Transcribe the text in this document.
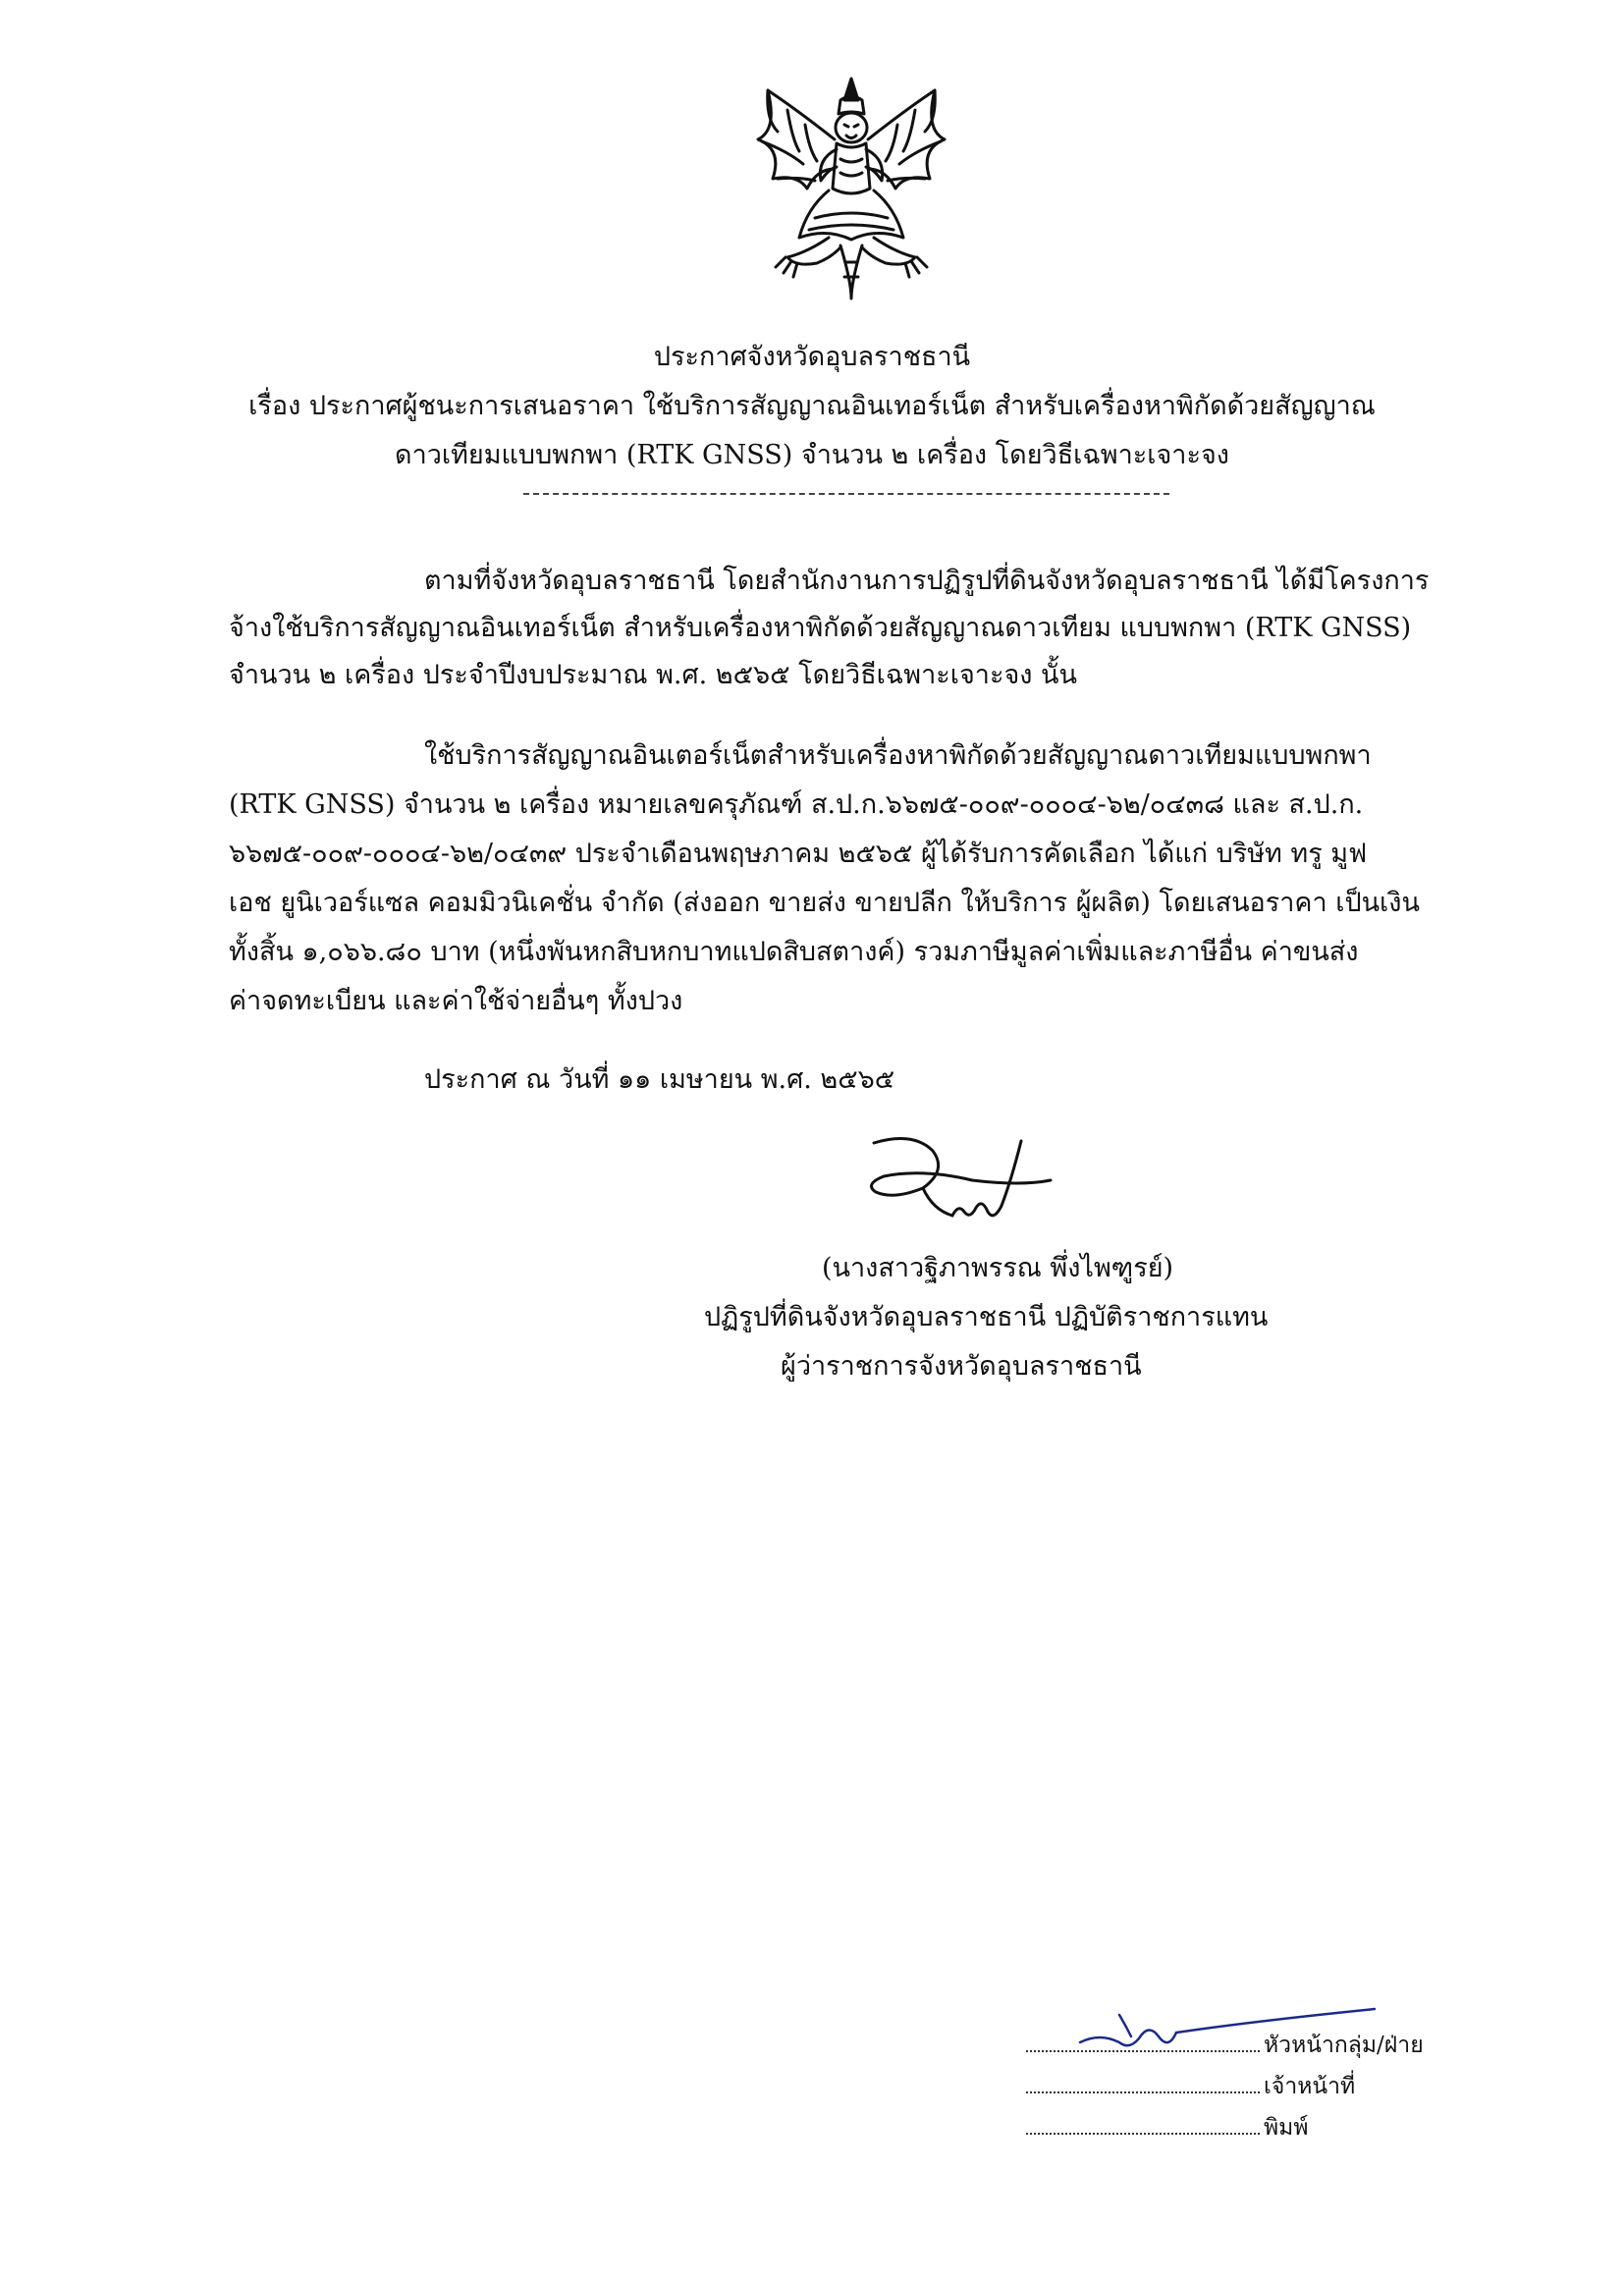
ประกาศจังหวัดอุบลราชธานี
เรื่อง ประกาศผู้ชนะการเสนอราคา ใช้บริการสัญญาณอินเทอร์เน็ต สำหรับเครื่องหาพิกัดด้วยสัญญาณ
ดาวเทียมแบบพกพา (RTK GNSS) จำนวน ๒ เครื่อง โดยวิธีเฉพาะเจาะจง
ตามที่จังหวัดอุบลราชธานี โดยสำนักงานการปฏิรูปที่ดินจังหวัดอุบลราชธานี ได้มีโครงการ
จ้างใช้บริการสัญญาณอินเทอร์เน็ต สำหรับเครื่องหาพิกัดด้วยสัญญาณดาวเทียม แบบพกพา (RTK GNSS)
จำนวน ๒ เครื่อง ประจำปีงบประมาณ พ.ศ. ๒๕๖๕ โดยวิธีเฉพาะเจาะจง นั้น
ใช้บริการสัญญาณอินเตอร์เน็ตสำหรับเครื่องหาพิกัดด้วยสัญญาณดาวเทียมแบบพกพา
(RTK GNSS) จำนวน ๒ เครื่อง หมายเลขครุภัณฑ์ ส.ป.ก.๖๖๗๕-๐๐๙-๐๐๐๔-๖๒/๐๔๓๘ และ ส.ป.ก.
๖๖๗๕-๐๐๙-๐๐๐๔-๖๒/๐๔๓๙ ประจำเดือนพฤษภาคม ๒๕๖๕ ผู้ได้รับการคัดเลือก ได้แก่ บริษัท ทรู มูฟ
เอช ยูนิเวอร์แซล คอมมิวนิเคชั่น จำกัด (ส่งออก ขายส่ง ขายปลีก ให้บริการ ผู้ผลิต) โดยเสนอราคา เป็นเงิน
ทั้งสิ้น ๑,๐๖๖.๘๐ บาท (หนึ่งพันหกสิบหกบาทแปดสิบสตางค์) รวมภาษีมูลค่าเพิ่มและภาษีอื่น ค่าขนส่ง
ค่าจดทะเบียน และค่าใช้จ่ายอื่นๆ ทั้งปวง
ประกาศ ณ วันที่ ๑๑ เมษายน พ.ศ. ๒๕๖๕
(นางสาวฐิภาพรรณ พึ่งไพฑูรย์)
ปฏิรูปที่ดินจังหวัดอุบลราชธานี ปฏิบัติราชการแทน
ผู้ว่าราชการจังหวัดอุบลราชธานี
หัวหน้ากลุ่ม/ฝ่าย
เจ้าหน้าที่
พิมพ์
